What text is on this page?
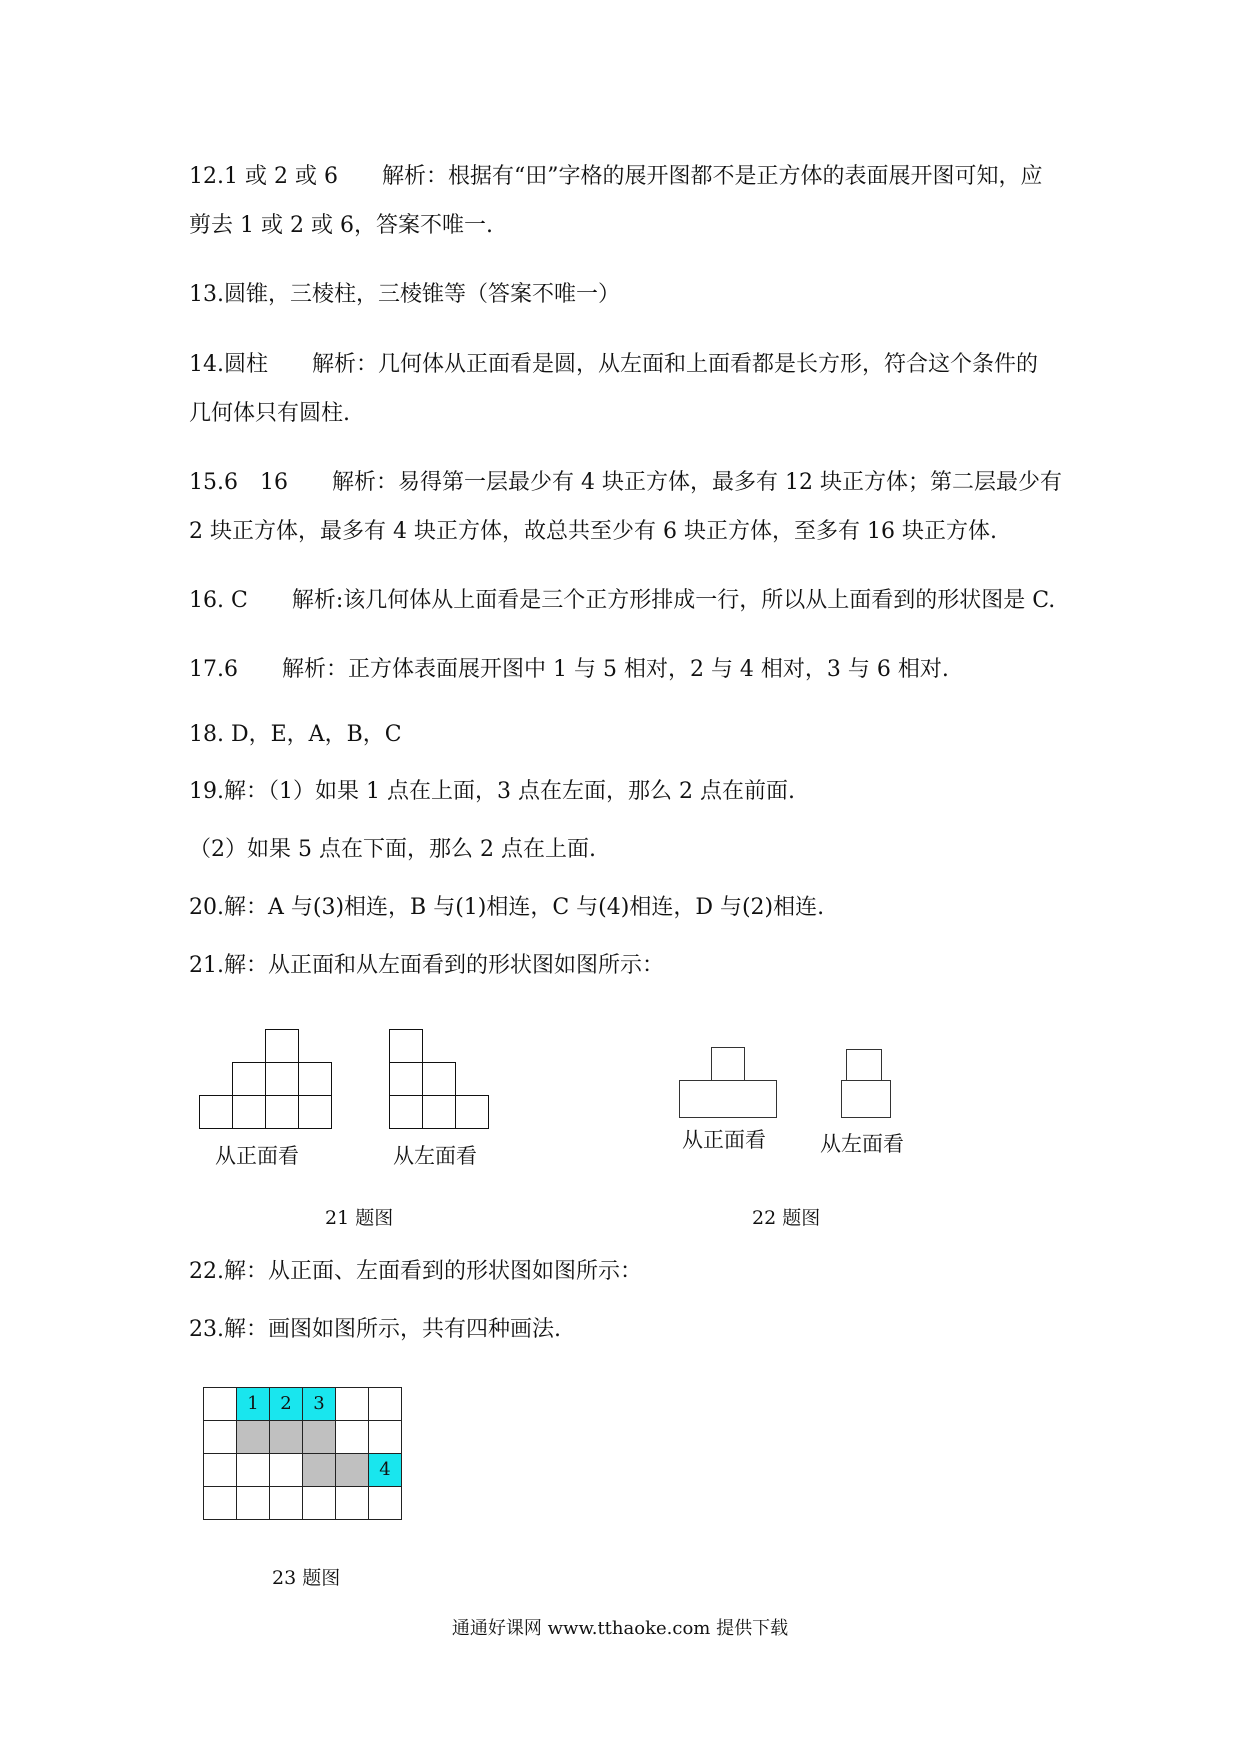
12.1 或 2 或 6　　解析：根据有“田”字格的展开图都不是正方体的表面展开图可知，应
剪去 1 或 2 或 6，答案不唯一.
13.圆锥，三棱柱，三棱锥等（答案不唯一）
14.圆柱　　解析：几何体从正面看是圆，从左面和上面看都是长方形，符合这个条件的
几何体只有圆柱.
15.6　16　　解析：易得第一层最少有 4 块正方体，最多有 12 块正方体；第二层最少有
2 块正方体，最多有 4 块正方体，故总共至少有 6 块正方体，至多有 16 块正方体.
16. C　　解析:该几何体从上面看是三个正方形排成一行，所以从上面看到的形状图是 C.
17.6　　解析：正方体表面展开图中 1 与 5 相对，2 与 4 相对，3 与 6 相对.
18. D，E，A，B，C
19.解：（1）如果 1 点在上面，3 点在左面，那么 2 点在前面.
（2）如果 5 点在下面，那么 2 点在上面.
20.解：A 与(3)相连，B 与(1)相连，C 与(4)相连，D 与(2)相连.
21.解：从正面和从左面看到的形状图如图所示：
从正面看	从左面看
从正面看	从左面看
21 题图	22 题图
22.解：从正面、左面看到的形状图如图所示：
23.解：画图如图所示，共有四种画法.
1	2	3
4
23 题图
通通好课网 www.tthaoke.com 提供下载
